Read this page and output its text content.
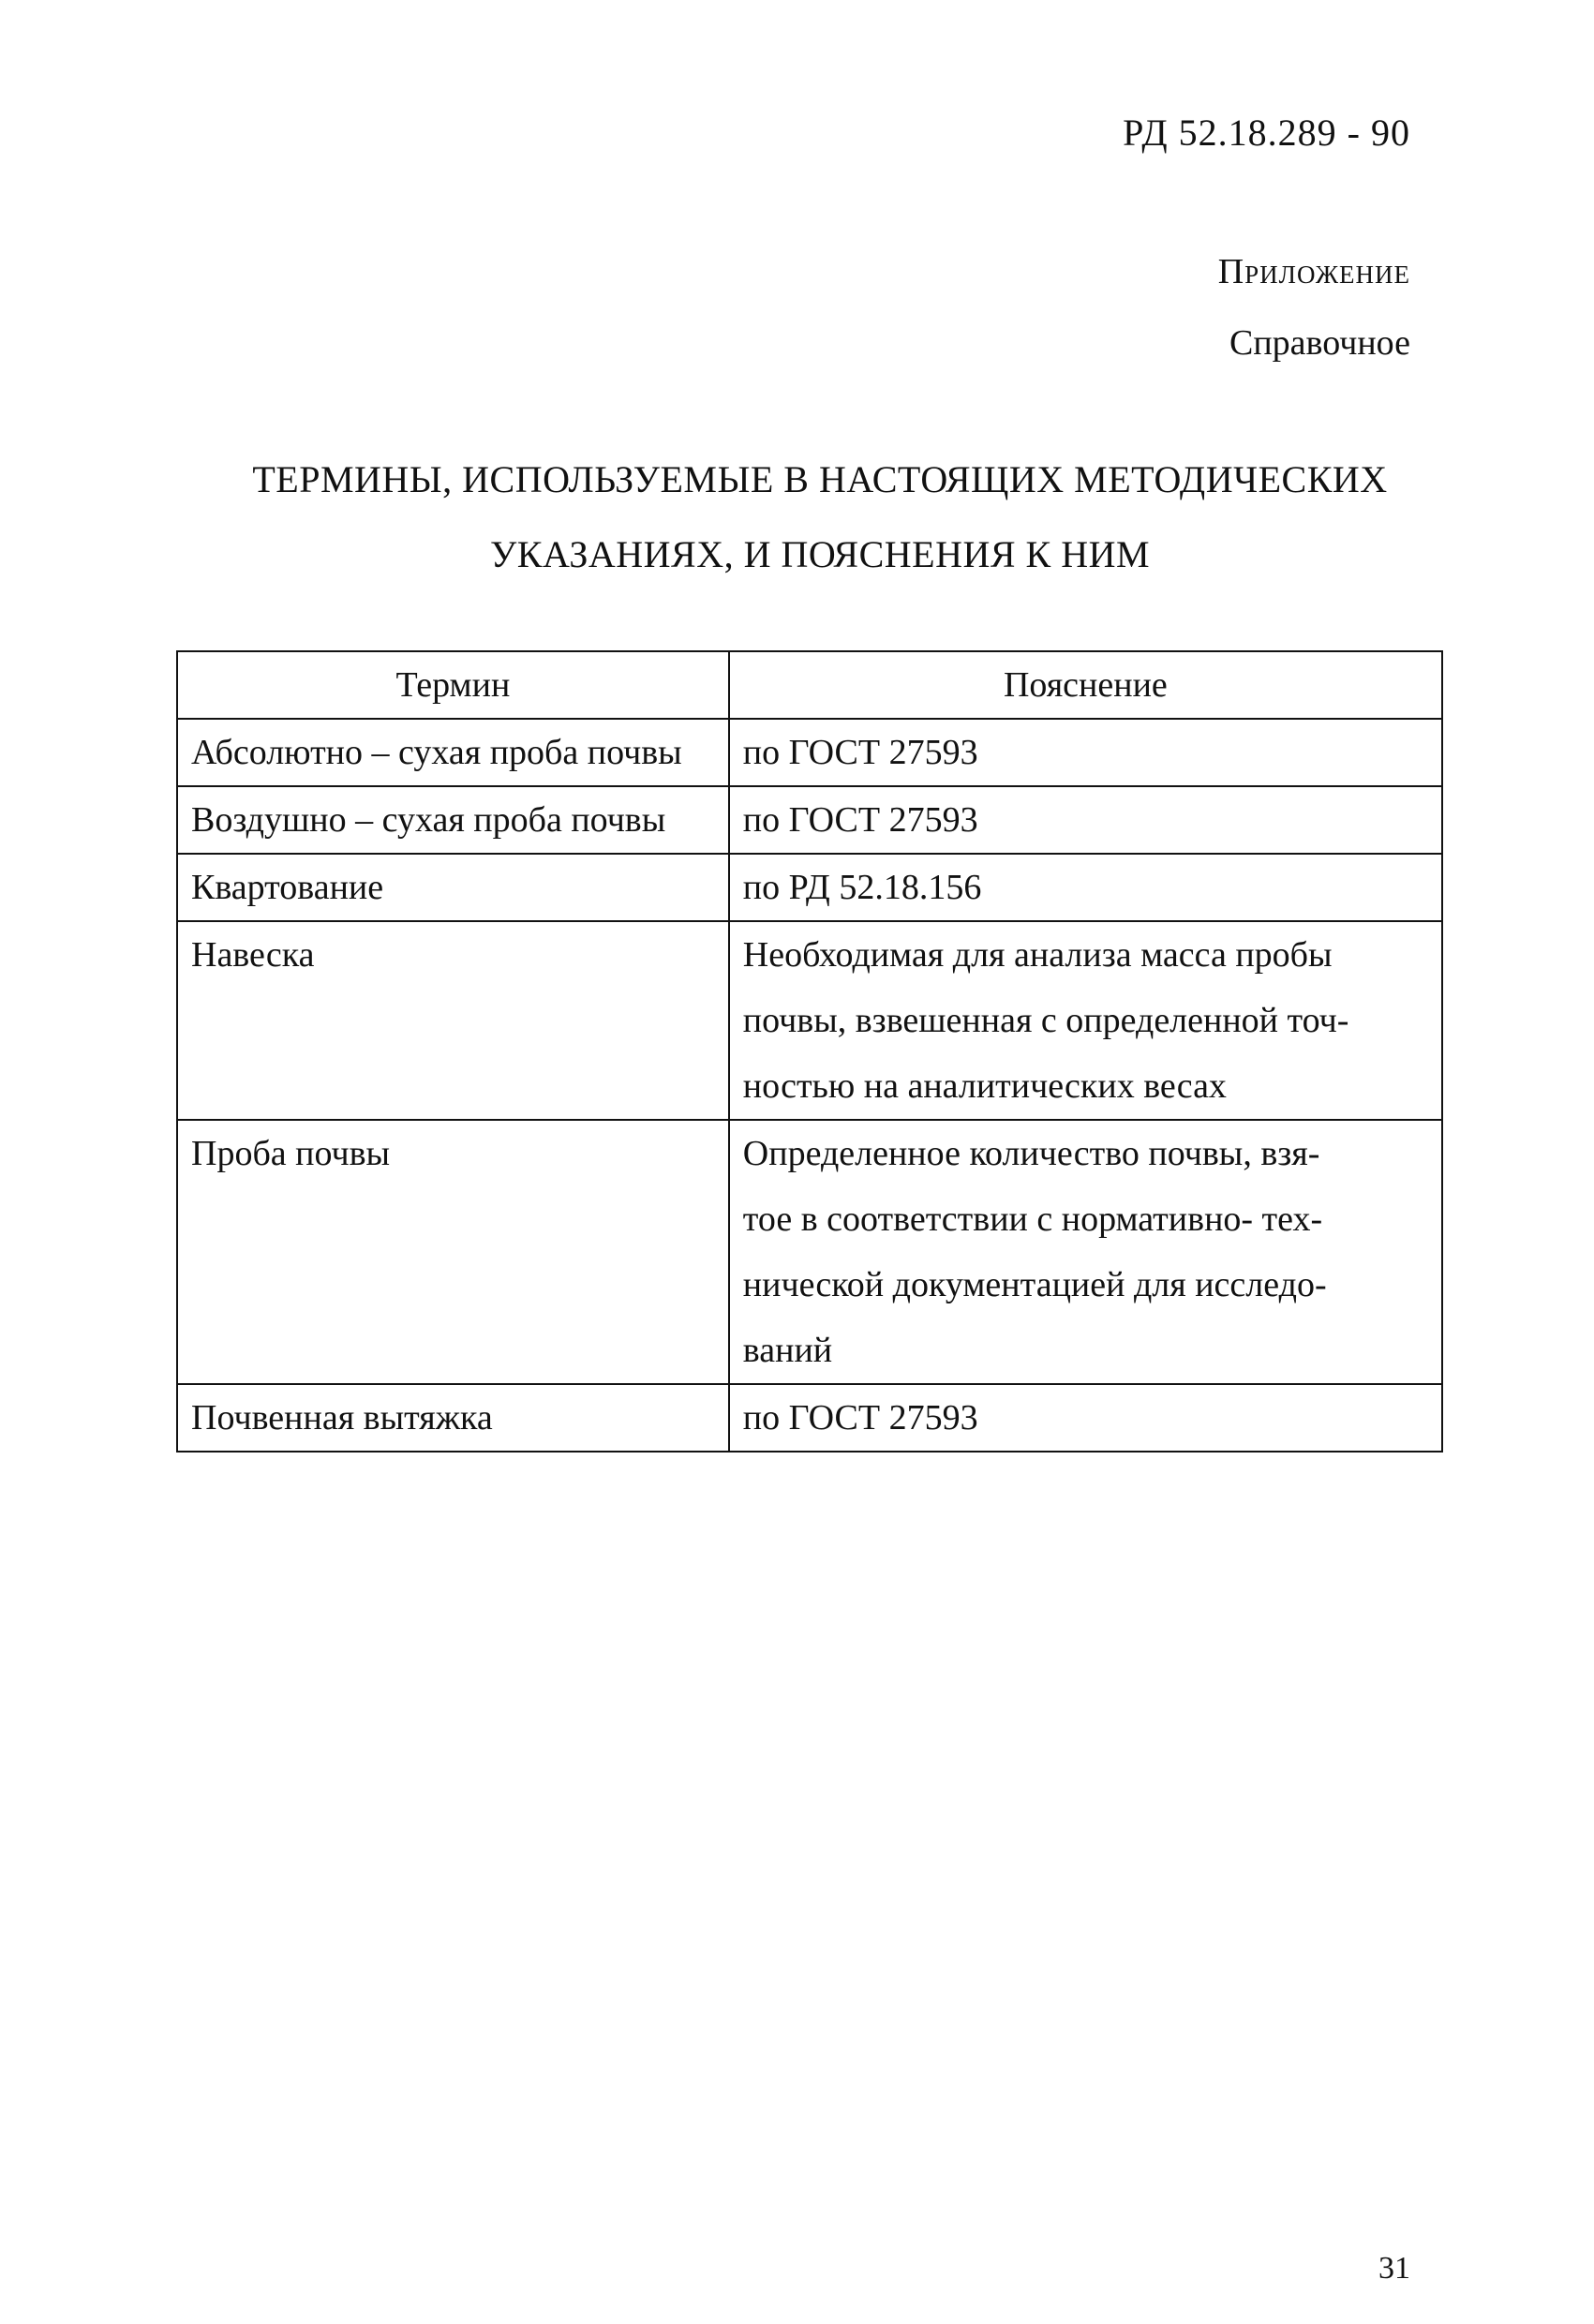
РД 52.18.289 - 90
Приложение
Справочное
ТЕРМИНЫ, ИСПОЛЬЗУЕМЫЕ В НАСТОЯЩИХ МЕТОДИЧЕСКИХ
УКАЗАНИЯХ, И ПОЯСНЕНИЯ К НИМ
Термин	Пояснение
Абсолютно – сухая проба почвы	по ГОСТ 27593

Воздушно – сухая проба почвы	по ГОСТ 27593

Квартование	по РД 52.18.156

Навеска	Необходимая для анализа масса пробы
почвы, взвешенная с определенной точ-
ностью на аналитических весах

Проба почвы	Определенное количество почвы, взя-
тое в соответствии с нормативно- тех-
нической документацией для исследо-
ваний

Почвенная вытяжка	по ГОСТ 27593
31
